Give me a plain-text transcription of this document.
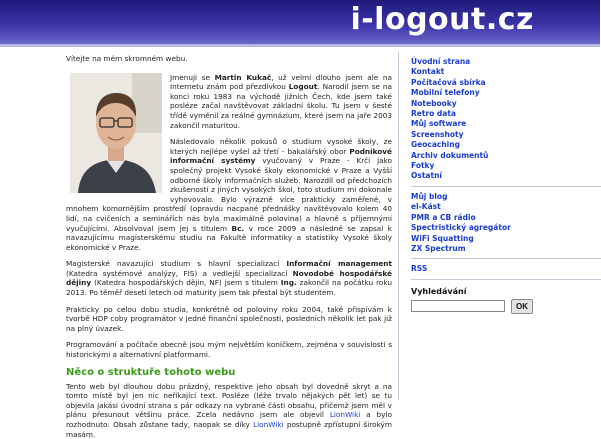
i-logout.cz

Vítejte na mém skromném webu.

Jmenuji se Martin Kukač, už velmi dlouho jsem ale na Internetu znám pod přezdívkou Logout. Narodil jsem se na konci roku 1983 na východě jižních Čech, kde jsem také posléze začal navštěvovat základní školu. Tu jsem v šesté třídě vyměnil za reálné gymnázium, které jsem na jaře 2003 zakončil maturitou.

Následovalo několik pokusů o studium vysoké školy, ze kterých nejlépe vyšel až třetí - bakalářský obor Podnikové informační systémy vyučovaný v Praze - Krči jako společný projekt Vysoké školy ekonomické v Praze a Vyšší odborné školy informačních služeb. Narozdíl od předchozích zkušeností z jiných vysokých škol, toto studium mi dokonale vyhovovalo. Bylo výrazně více prakticky zaměřené, v mnohem komornějším prostředí (opravdu nacpané přednášky navštěvovalo kolem 40 lidí, na cvičeních a seminářích nás byla maximálně polovina) a hlavně s příjemnými vyučujícími. Absolvoval jsem jej s titulem Bc. v roce 2009 a následně se zapsal k navazujícímu magisterskému studiu na Fakultě informatiky a statistiky Vysoké školy ekonomické v Praze.

Magisterské navazující studium s hlavní specializací Informační management (Katedra systémové analýzy, FIS) a vedlejší specializací Novodobé hospodářské dějiny (Katedra hospodářských dějin, NF) jsem s titulem Ing. zakončil na počátku roku 2013. Po těměř deseti letech od maturity jsem tak přestal být studentem.

Prakticky po celou dobu studia, konkrétně od poloviny roku 2004, také přispívám k tvorbě HDP coby programátor v jedné finanční společnosti, posledních několik let pak již na plný úvazek.

Programování a počítače obecně jsou mým největším koníčkem, zejména v souvislosti s historickými a alternativní platformami.

Něco o struktuře tohoto webu

Tento web byl dlouhou dobu prázdný, respektive jeho obsah byl dovedně skryt a na tomto místě byl jen nic neříkající text. Posléze (léže trvalo nějakých pět let) se tu objevila jakási úvodní strana s pár odkazy na vybrané části obsahu, přičemž jsem měl v plánu přesunout většinu práce. Zcela nedávno jsem ale objevil LionWiki a bylo rozhodnuto: Obsah zůstane tady, naopak se díky LionWiki postupně zpřístupní širokým masám.

Úvodní strana
Kontakt
Počítačová sbírka
Mobilní telefony
Notebooky
Retro data
Můj software
Screenshoty
Geocaching
Archiv dokumentů
Fotky
Ostatní
Můj blog
el-Kást
PMR a CB rádio
Spectristický agregátor
WiFi Squatting
ZX Spectrum
RSS
Vyhledávání
OK
